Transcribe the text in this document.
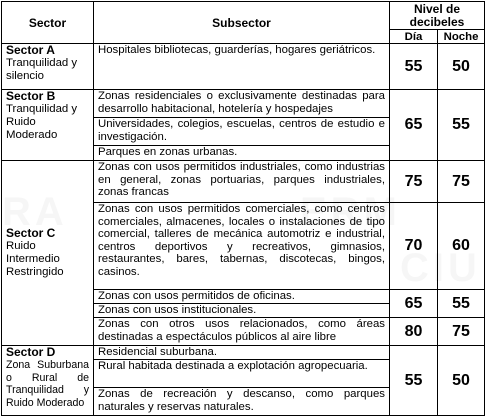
Sector	Subsector	Nivel de decibeles	
		Día	Noche

Sector A
Tranquilidad y silencio	Hospitales bibliotecas, guarderías, hogares geriátricos.	55	50

Sector B
Tranquilidad y Ruido Moderado	Zonas residenciales o exclusivamente destinadas para desarrollo habitacional, hotelería y hospedajes	65	55
	Universidades, colegios, escuelas, centros de estudio e investigación.		
	Parques en zonas urbanas.		

Sector C
Ruido Intermedio Restringido	Zonas con usos permitidos industriales, como industrias en general, zonas portuarias, parques industriales, zonas francas	75	75
	Zonas con usos permitidos comerciales, como centros comerciales, almacenes, locales o instalaciones de tipo comercial, talleres de mecánica automotriz e industrial, centros deportivos y recreativos, gimnasios, restaurantes, bares, tabernas, discotecas, bingos, casinos.	70	60
	Zonas con usos permitidos de oficinas.	65	55
	Zonas con usos institucionales.		
	Zonas con otros usos relacionados, como áreas destinadas a espectáculos públicos al aire libre	80	75

Sector D
Zona Suburbana o Rural de Tranquilidad y Ruido Moderado	Residencial suburbana.	55	50
	Rural habitada destinada a explotación agropecuaria.		
	Zonas de recreación y descanso, como parques naturales y reservas naturales.		
